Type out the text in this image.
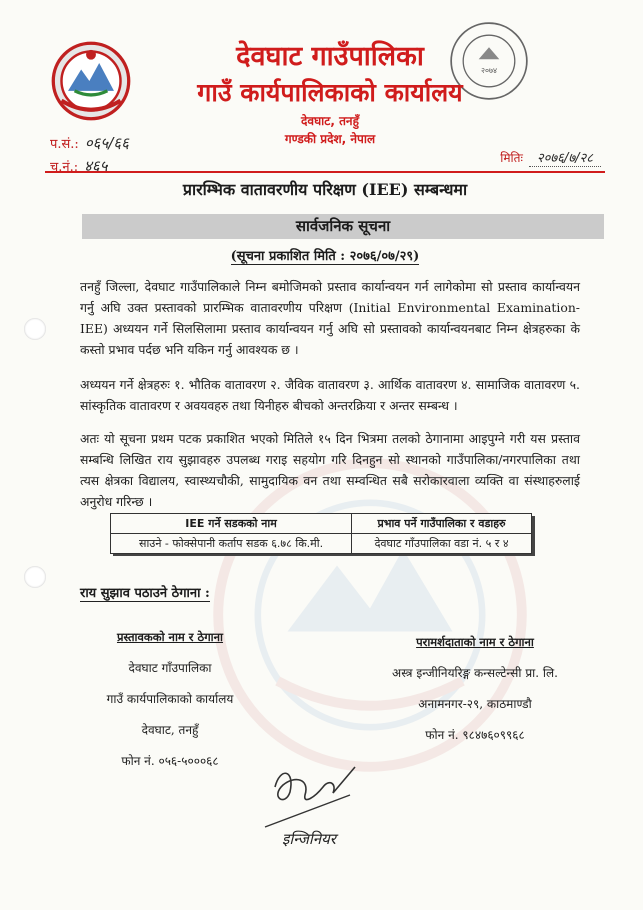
२०७४
देवघाट गाउँपालिका
गाउँ कार्यपालिकाको कार्यालय
देवघाट, तनहुँ
गण्डकी प्रदेश, नेपाल
प.सं.: ०६५/६६
च.नं.: ४६५	मितिः २०७६/७/२८
प्रारम्भिक वातावरणीय परिक्षण (IEE) सम्बन्धमा
सार्वजनिक सूचना
(सूचना प्रकाशित मिति : २०७६/०७/२९)
तनहुँ जिल्ला, देवघाट गाउँपालिकाले निम्न बमोजिमको प्रस्ताव कार्यान्वयन गर्न लागेकोमा सो प्रस्ताव कार्यान्वयन गर्नु अघि उक्त प्रस्तावको प्रारम्भिक वातावरणीय परिक्षण (Initial Environmental Examination-IEE) अध्ययन गर्ने सिलसिलामा प्रस्ताव कार्यान्वयन गर्नु अघि सो प्रस्तावको कार्यान्वयनबाट निम्न क्षेत्रहरुका के कस्तो प्रभाव पर्दछ भनि यकिन गर्नु आवश्यक छ ।
अध्ययन गर्ने क्षेत्रहरुः १. भौतिक वातावरण २. जैविक वातावरण ३. आर्थिक वातावरण ४. सामाजिक वातावरण ५. सांस्कृतिक वातावरण र अवयवहरु तथा यिनीहरु बीचको अन्तरक्रिया र अन्तर सम्बन्ध ।
अतः यो सूचना प्रथम पटक प्रकाशित भएको मितिले १५ दिन भित्रमा तलको ठेगानामा आइपुग्ने गरी यस प्रस्ताव सम्बन्धि लिखित राय सुझावहरु उपलब्ध गराइ सहयोग गरि दिनहुन सो स्थानको गाउँपालिका/नगरपालिका तथा त्यस क्षेत्रका विद्यालय, स्वास्थ्यचौकी, सामुदायिक वन तथा सम्वन्धित सबै सरोकारवाला व्यक्ति वा संस्थाहरुलाई अनुरोध गरिन्छ ।
IEE गर्ने सडकको नाम	प्रभाव पर्ने गाउँपालिका र वडाहरु
साउने - फोक्सेपानी कर्ताप सडक ६.७८ कि.मी.	देवघाट गाँउपालिका वडा नं. ५ र ४
राय सुझाव पठाउने ठेगाना :
प्रस्तावकको नाम र ठेगाना
देवघाट गाँउपालिका
गाउँ कार्यपालिकाको कार्यालय
देवघाट, तनहुँ
फोन नं. ०५६-५०००६८
परामर्शदाताको नाम र ठेगाना
अस्त्र इन्जीनियरिङ्ग कन्सल्टेन्सी प्रा. लि.
अनामनगर-२९, काठमाण्डौ
फोन नं. ९८४७६०९९६८
इन्जिनियर
